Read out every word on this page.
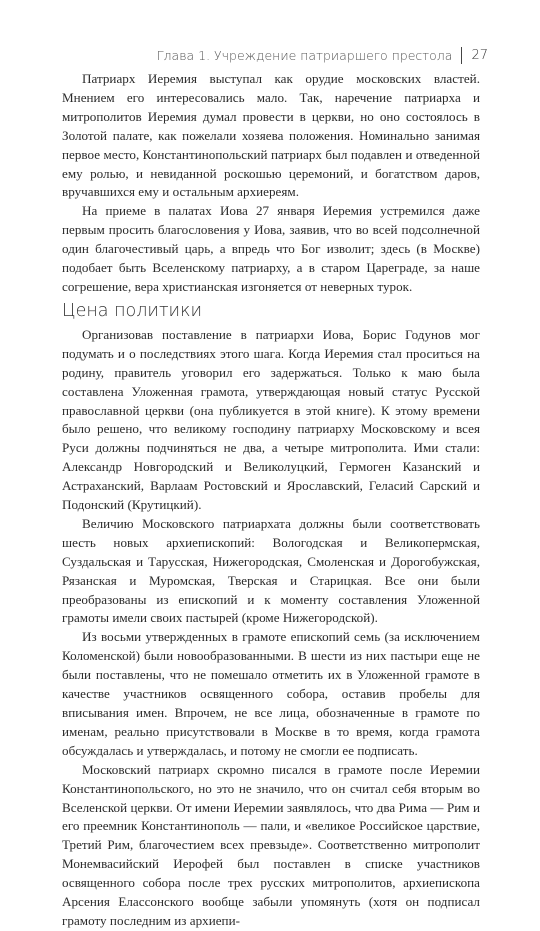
Глава 1. Учреждение патриаршего престола 27

Патриарх Иеремия выступал как орудие московских властей. Мнением его интересовались мало. Так, наречение патриарха и митрополитов Иеремия думал провести в церкви, но оно состоялось в Золотой палате, как пожелали хозяева положения. Номинально занимая первое место, Константинопольский патриарх был подавлен и отведенной ему ролью, и невиданной роскошью церемоний, и богатством даров, вручавшихся ему и остальным архиереям.

На приеме в палатах Иова 27 января Иеремия устремился даже первым просить благословения у Иова, заявив, что во всей подсолнечной один благочестивый царь, а впредь что Бог изволит; здесь (в Москве) подобает быть Вселенскому патриарху, а в старом Цареграде, за наше согрешение, вера христианская изгоняется от неверных турок.

Цена политики

Организовав поставление в патриархи Иова, Борис Годунов мог подумать и о последствиях этого шага. Когда Иеремия стал проситься на родину, правитель уговорил его задержаться. Только к маю была составлена Уложенная грамота, утверждающая новый статус Русской православной церкви (она публикуется в этой книге). К этому времени было решено, что великому господину патриарху Московскому и всея Руси должны подчиняться не два, а четыре митрополита. Ими стали: Александр Новгородский и Великолуцкий, Гермоген Казанский и Астраханский, Варлаам Ростовский и Ярославский, Геласий Сарский и Подонский (Крутицкий).

Величию Московского патриархата должны были соответствовать шесть новых архиепископий: Вологодская и Великопермская, Суздальская и Тарусская, Нижегородская, Смоленская и Дорогобужская, Рязанская и Муромская, Тверская и Старицкая. Все они были преобразованы из епископий и к моменту составления Уложенной грамоты имели своих пастырей (кроме Нижегородской).

Из восьми утвержденных в грамоте епископий семь (за исключением Коломенской) были новообразованными. В шести из них пастыри еще не были поставлены, что не помешало отметить их в Уложенной грамоте в качестве участников освященного собора, оставив пробелы для вписывания имен. Впрочем, не все лица, обозначенные в грамоте по именам, реально присутствовали в Москве в то время, когда грамота обсуждалась и утверждалась, и потому не смогли ее подписать.

Московский патриарх скромно писался в грамоте после Иеремии Константинопольского, но это не значило, что он считал себя вторым во Вселенской церкви. От имени Иеремии заявлялось, что два Рима — Рим и его преемник Константинополь — пали, и «великое Российское царствие, Третий Рим, благочестием всех превзыде». Соответственно митрополит Монемвасийский Иерофей был поставлен в списке участников освященного собора после трех русских митрополитов, архиепископа Арсения Елассонского вообще забыли упомянуть (хотя он подписал грамоту последним из архиепи-
